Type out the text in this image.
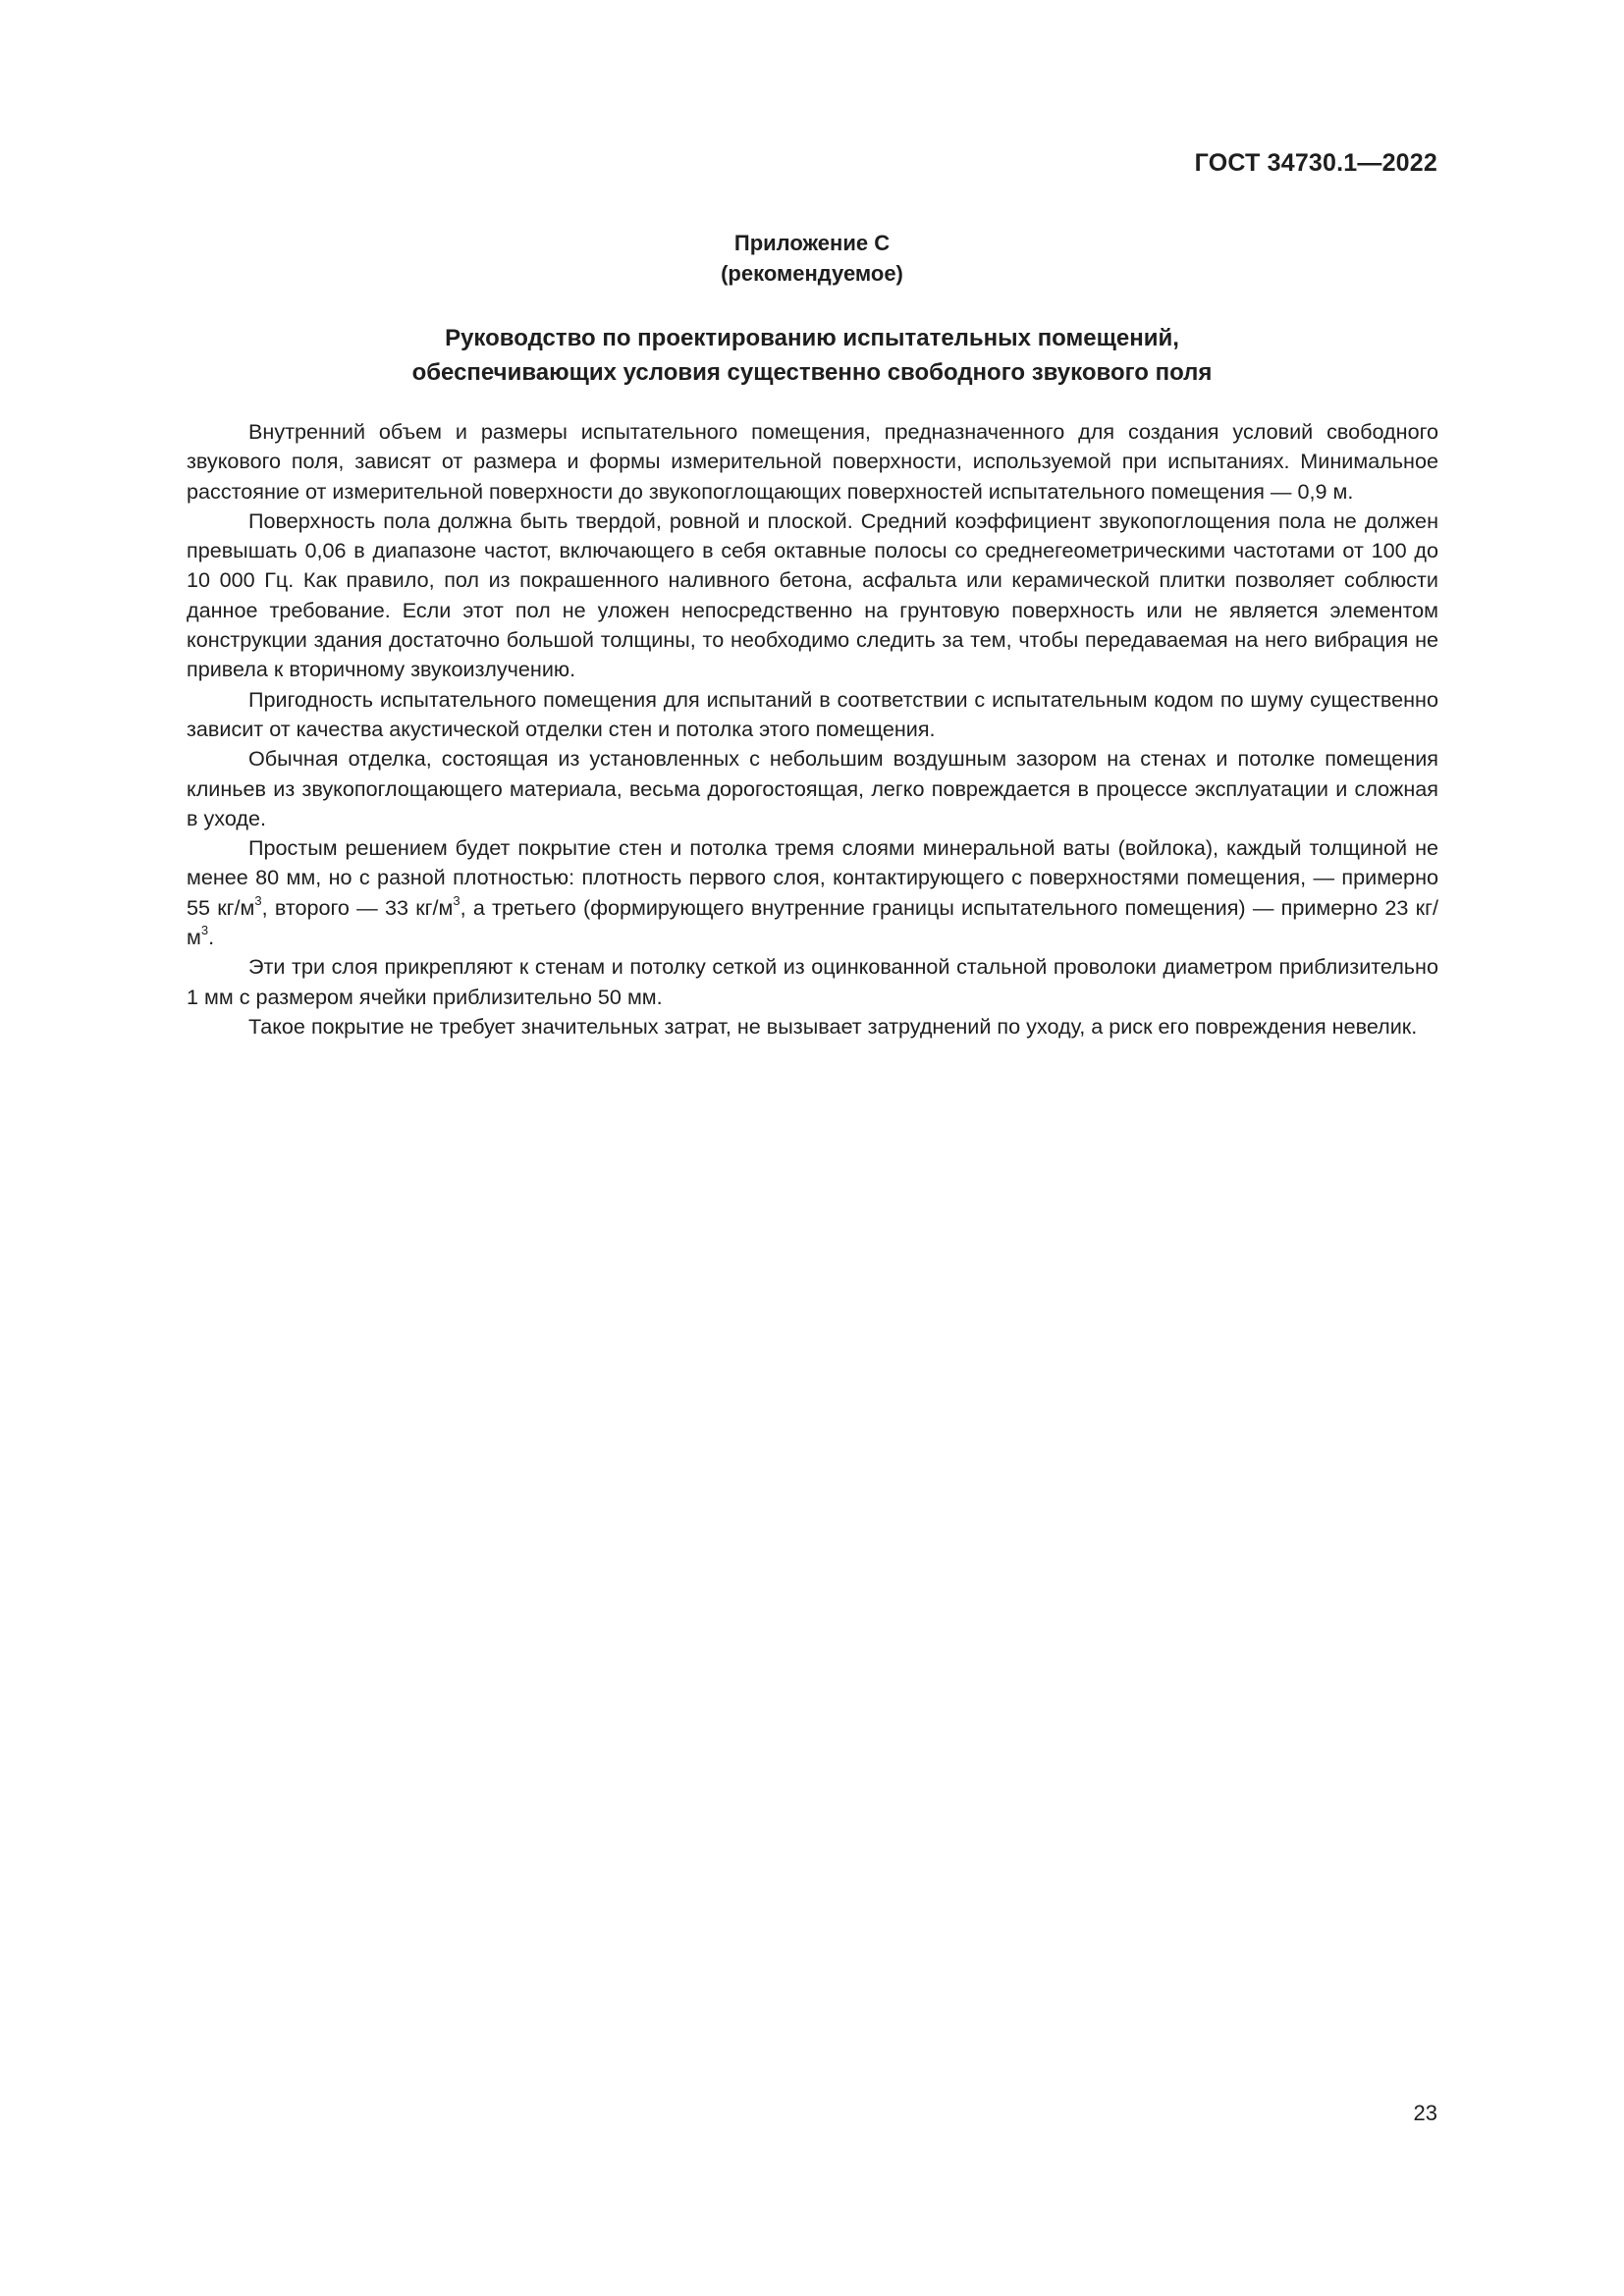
ГОСТ 34730.1—2022
Приложение C
(рекомендуемое)
Руководство по проектированию испытательных помещений,
обеспечивающих условия существенно свободного звукового поля

Внутренний объем и размеры испытательного помещения, предназначенного для создания условий свободного звукового поля, зависят от размера и формы измерительной поверхности, используемой при испытаниях. Минимальное расстояние от измерительной поверхности до звукопоглощающих поверхностей испытательного помещения — 0,9 м.

Поверхность пола должна быть твердой, ровной и плоской. Средний коэффициент звукопоглощения пола не должен превышать 0,06 в диапазоне частот, включающего в себя октавные полосы со среднегеометрическими частотами от 100 до 10 000 Гц. Как правило, пол из покрашенного наливного бетона, асфальта или керамической плитки позволяет соблюсти данное требование. Если этот пол не уложен непосредственно на грунтовую поверхность или не является элементом конструкции здания достаточно большой толщины, то необходимо следить за тем, чтобы передаваемая на него вибрация не привела к вторичному звукоизлучению.

Пригодность испытательного помещения для испытаний в соответствии с испытательным кодом по шуму существенно зависит от качества акустической отделки стен и потолка этого помещения.

Обычная отделка, состоящая из установленных с небольшим воздушным зазором на стенах и потолке помещения клиньев из звукопоглощающего материала, весьма дорогостоящая, легко повреждается в процессе эксплуатации и сложная в уходе.

Простым решением будет покрытие стен и потолка тремя слоями минеральной ваты (войлока), каждый толщиной не менее 80 мм, но с разной плотностью: плотность первого слоя, контактирующего с поверхностями помещения, — примерно 55 $кг/м^3$, второго — 33 $кг/м^3$, а третьего (формирующего внутренние границы испытательного помещения) — примерно 23 $кг/м^3$.

Эти три слоя прикрепляют к стенам и потолку сеткой из оцинкованной стальной проволоки диаметром приблизительно 1 мм с размером ячейки приблизительно 50 мм.

Такое покрытие не требует значительных затрат, не вызывает затруднений по уходу, а риск его повреждения невелик.

23
